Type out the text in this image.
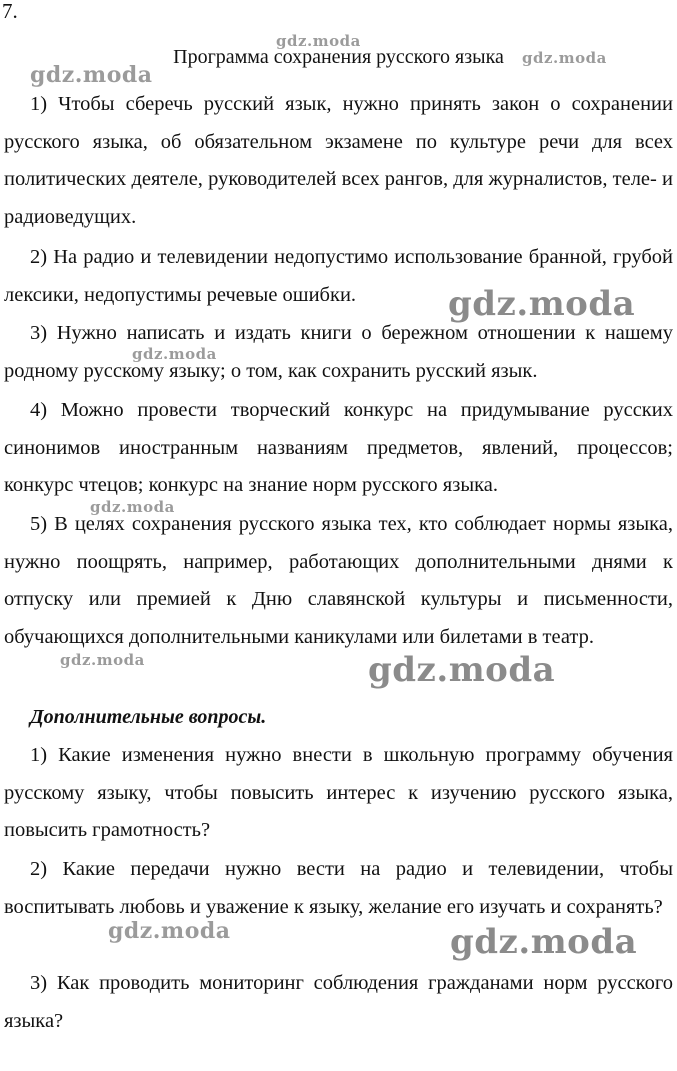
7.
Программа сохранения русского языка

1) Чтобы сберечь русский язык, нужно принять закон о сохранении русского языка, об обязательном экзамене по культуре речи для всех политических деятеле, руководителей всех рангов, для журналистов, теле- и радиоведущих.

2) На радио и телевидении недопустимо использование бранной, грубой лексики, недопустимы речевые ошибки.

3) Нужно написать и издать книги о бережном отношении к нашему родному русскому языку; о том, как сохранить русский язык.

4) Можно провести творческий конкурс на придумывание русских синонимов иностранным названиям предметов, явлений, процессов; конкурс чтецов; конкурс на знание норм русского языка.

5) В целях сохранения русского языка тех, кто соблюдает нормы языка, нужно поощрять, например, работающих дополнительными днями к отпуску или премией к Дню славянской культуры и письменности, обучающихся дополнительными каникулами или билетами в театр.

Дополнительные вопросы.

1) Какие изменения нужно внести в школьную программу обучения русскому языку, чтобы повысить интерес к изучению русского языка, повысить грамотность?

2) Какие передачи нужно вести на радио и телевидении, чтобы воспитывать любовь и уважение к языку, желание его изучать и сохранять?

3) Как проводить мониторинг соблюдения гражданами норм русского языка?

gdz.moda
gdz.moda
gdz.moda
gdz.moda
gdz.moda
gdz.moda
gdz.moda	gdz.moda
gdz.moda	gdz.moda
